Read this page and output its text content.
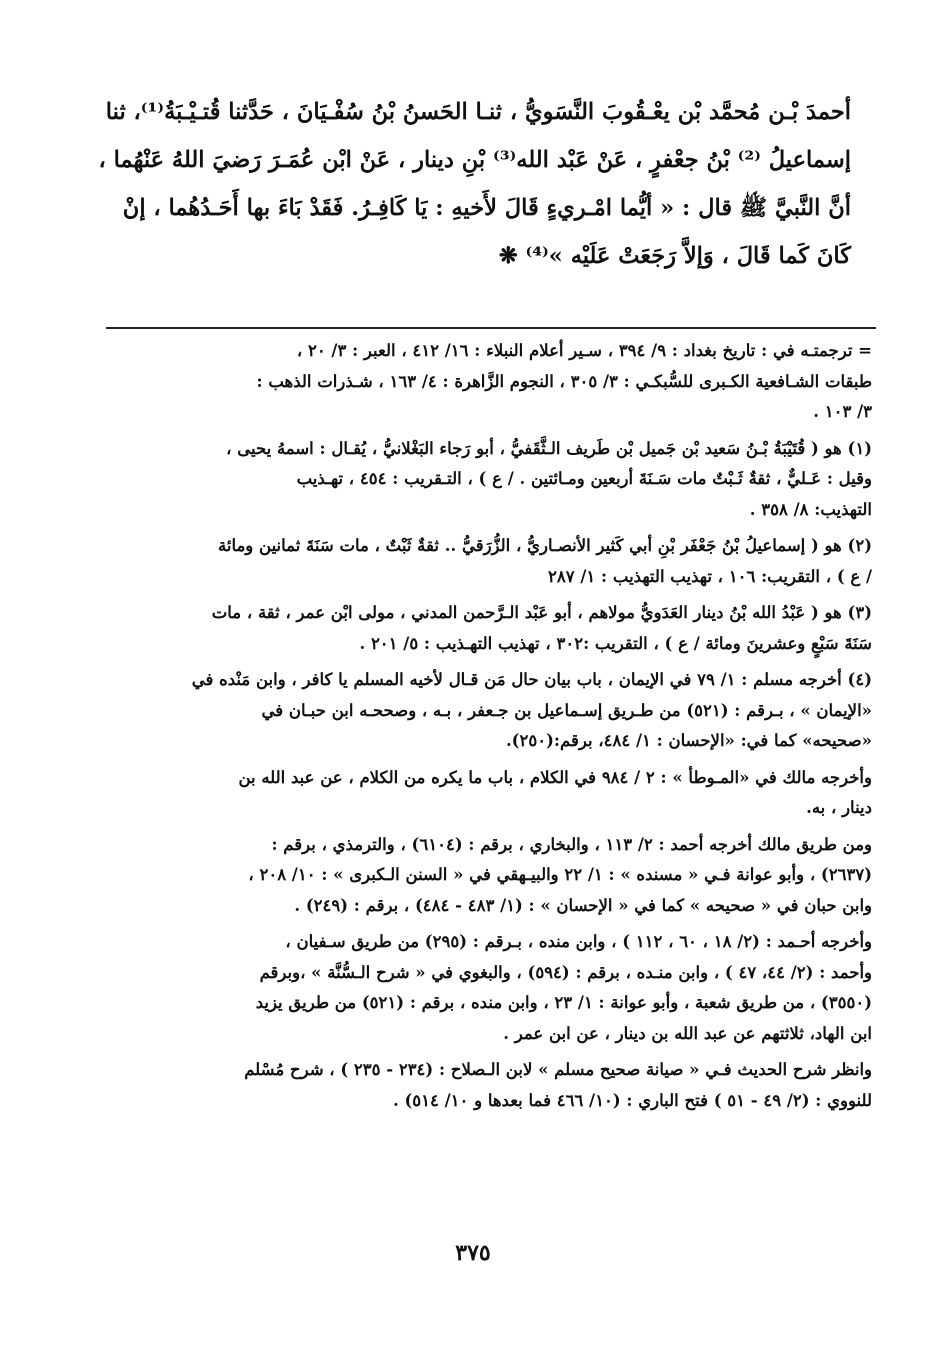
أحمدَ بْـن مُحمَّد بْن يعْـقُوبَ النَّسَويُّ ، ثنـا الحَسنُ بْنُ سُفْـيَانَ ، حَدَّثنا قُتـيْـبَةُ⁽¹⁾، ثنا

إسماعيلُ ⁽²⁾ بْنُ جعْفرٍ ، عَنْ عَبْد الله⁽³⁾ بْنِ دينار ، عَنْ ابْن عُمَـرَ رَضيَ اللهُ عَنْهُما ،

أنَّ النَّبيَّ ﷺ قال : « أيُّما امْـريءٍ قَالَ لأَخيهِ : يَا كَافِـرُ. فَقَدْ بَاءَ بها أَحَـدُهُما ، إنْ

كَانَ كَما قَالَ ، وَإلاَّ رَجَعَتْ عَلَيْه »⁽⁴⁾ ❋

= ترجمتـه في : تاريخ بغداد : ٩/ ٣٩٤ ، سـير أعلام النبلاء : ١٦/ ٤١٢ ، العبر : ٣/ ٢٠ ،

طبقات الشـافعية الكـبرى للسُّبكـي : ٣/ ٣٠٥ ، النجوم الزَّاهرة : ٤/ ١٦٣ ، شـذرات الذهب :

٣/ ١٠٣ .

(١) هو ( قُتَيْبَةُ بْـنُ سَعيد بْن جَميل بْن طَريف الـثَّقَفيُّ ، أبو رَجاء البَغْلانيُّ ، يُقـال : اسمهُ يحيى ،

وقيل : عَـليٌّ ، ثقةٌ ثَـبْتٌ مات سَـنَةَ أربعين ومـائتين . / ع ) ، التـقريب : ٤٥٤ ، تهـذيب

التهذيب: ٨/ ٣٥٨ .

(٢) هو ( إسماعيلُ بْنُ جَعْفَر بْنِ أبي كَثير الأنصـاريُّ ، الزُّرَقيُّ .. ثقةٌ ثَبْتٌ ، مات سَنَةَ ثمانين ومائة

/ ع ) ، التقريب: ١٠٦ ، تهذيب التهذيب : ١/ ٢٨٧

(٣) هو ( عَبْدُ الله بْنُ دينار العَدَويُّ مولاهم ، أبو عَبْد الـرَّحمن المدني ، مولى ابْن عمر ، ثقة ، مات

سَنَةَ سَبْعٍ وعشرينَ ومائة / ع ) ، التقريب :٣٠٢ ، تهذيب التهـذيب : ٥/ ٢٠١ .

(٤) أخرجه مسلم : ١/ ٧٩ في الإيمان ، باب بيان حال مَن قـال لأخيه المسلم يا كافر ، وابن مَنْده في

«الإيمان » ، بـرقم : (٥٢١) من طـريق إسـماعيل بن جـعفر ، بـه ، وصححـه ابن حبـان في

«صحيحه» كما في: «الإحسان : ١/ ٤٨٤، برقم:(٢٥٠).

وأخرجه مالك في «المـوطأ » : ٢ / ٩٨٤ في الكلام ، باب ما يكره من الكلام ، عن عبد الله بن

دينار ، به.

ومن طريق مالك أخرجه أحمد : ٢/ ١١٣ ، والبخاري ، برقم : (٦١٠٤) ، والترمذي ، برقم :

(٢٦٣٧) ، وأبو عوانة فـي « مسنده » : ١/ ٢٢ والبيـهقي في « السنن الـكبرى » : ١٠/ ٢٠٨ ،

وابن حبان في « صحيحه » كما في « الإحسان » : (١/ ٤٨٣ - ٤٨٤) ، برقم : (٢٤٩) .

وأخرجه أحـمد : (٢/ ١٨ ، ٦٠ ، ١١٢ ) ، وابن منده ، بـرقم : (٢٩٥) من طريق سـفيان ،

وأحمد : (٢/ ٤٤، ٤٧ ) ، وابن منـده ، برقم : (٥٩٤) ، والبغوي في « شرح الـسُّنَّة » ،وبرقم

(٣٥٥٠) ، من طريق شعبة ، وأبو عوانة : ١/ ٢٣ ، وابن منده ، برقم : (٥٢١) من طريق يزيد

ابن الهاد، ثلاثتهم عن عبد الله بن دينار ، عن ابن عمر .

وانظر شرح الحديث فـي « صيانة صحيح مسلم » لابن الـصلاح : (٢٣٤ - ٢٣٥ ) ، شرح مُسْلم

للنووي : (٢/ ٤٩ - ٥١ ) فتح الباري : (١٠/ ٤٦٦ فما بعدها و ١٠/ ٥١٤) .

٣٧٥
